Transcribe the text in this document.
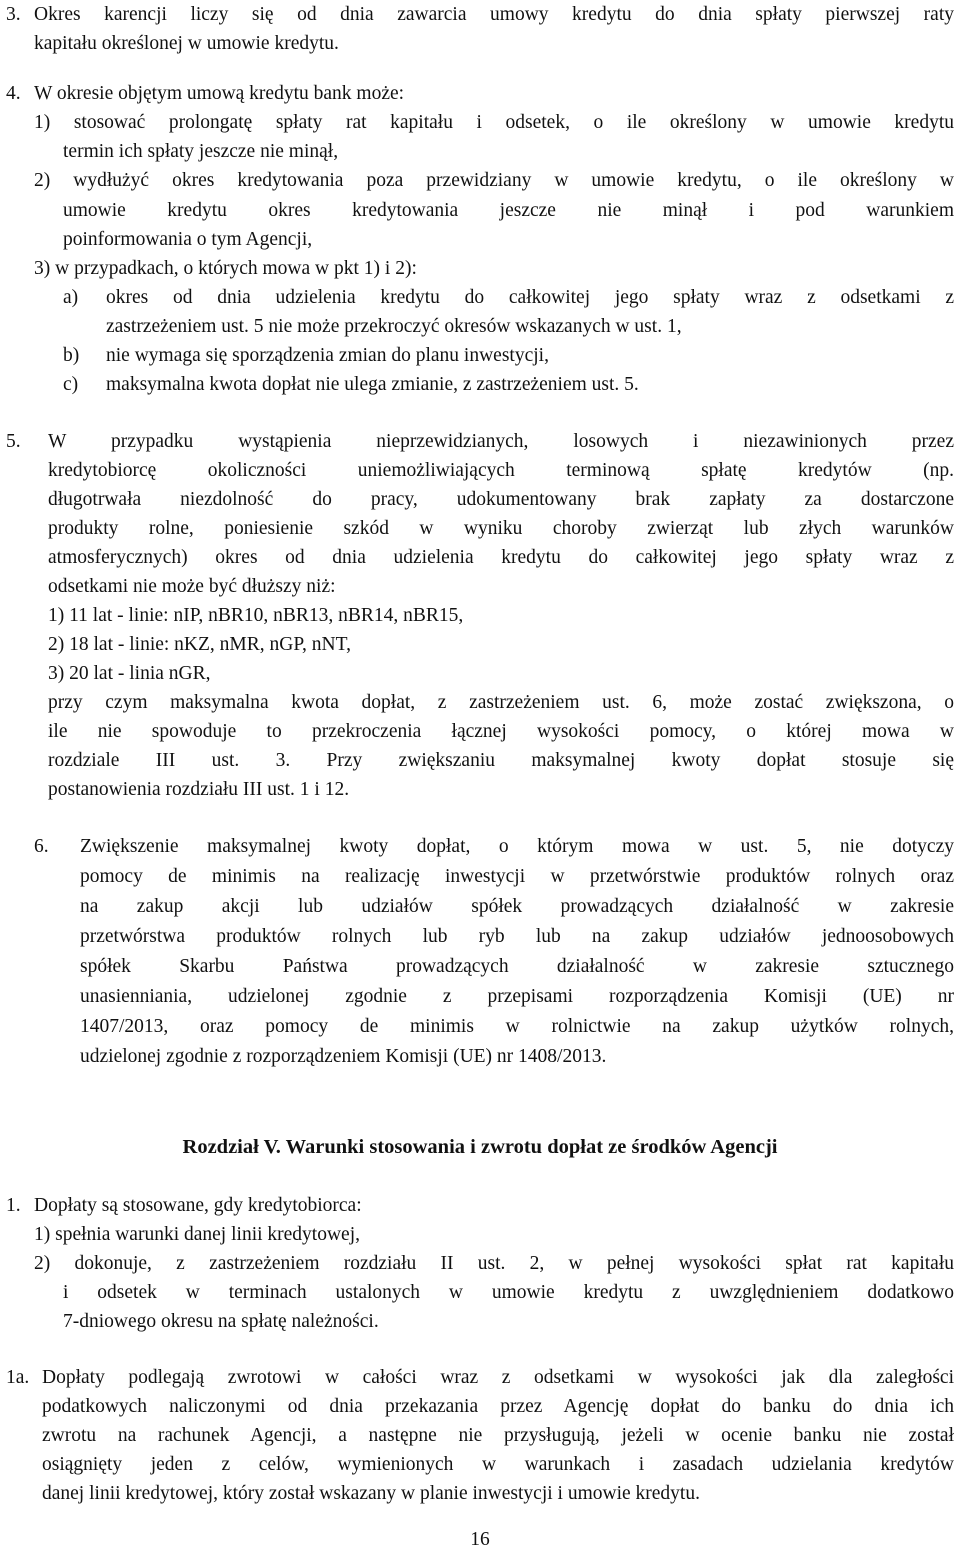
3. Okres karencji liczy się od dnia zawarcia umowy kredytu do dnia spłaty pierwszej raty
kapitału określonej w umowie kredytu.
4. W okresie objętym umową kredytu bank może:
1) stosować prolongatę spłaty rat kapitału i odsetek, o ile określony w umowie kredytu
termin ich spłaty jeszcze nie minął,
2) wydłużyć okres kredytowania poza przewidziany w umowie kredytu, o ile określony w
umowie kredytu okres kredytowania jeszcze nie minął i pod warunkiem
poinformowania o tym Agencji,
3) w przypadkach, o których mowa w pkt 1) i 2):
a) okres od dnia udzielenia kredytu do całkowitej jego spłaty wraz z odsetkami z
zastrzeżeniem ust. 5 nie może przekroczyć okresów wskazanych w ust. 1,
b) nie wymaga się sporządzenia zmian do planu inwestycji,
c) maksymalna kwota dopłat nie ulega zmianie, z zastrzeżeniem ust. 5.
5. W przypadku wystąpienia nieprzewidzianych, losowych i niezawinionych przez
kredytobiorcę okoliczności uniemożliwiających terminową spłatę kredytów (np.
długotrwała niezdolność do pracy, udokumentowany brak zapłaty za dostarczone
produkty rolne, poniesienie szkód w wyniku choroby zwierząt lub złych warunków
atmosferycznych) okres od dnia udzielenia kredytu do całkowitej jego spłaty wraz z
odsetkami nie może być dłuższy niż:
1) 11 lat - linie: nIP, nBR10, nBR13, nBR14, nBR15,
2) 18 lat - linie: nKZ, nMR, nGP, nNT,
3) 20 lat - linia nGR,
przy czym maksymalna kwota dopłat, z zastrzeżeniem ust. 6, może zostać zwiększona, o
ile nie spowoduje to przekroczenia łącznej wysokości pomocy, o której mowa w
rozdziale III ust. 3. Przy zwiększaniu maksymalnej kwoty dopłat stosuje się
postanowienia rozdziału III ust. 1 i 12.
6. Zwiększenie maksymalnej kwoty dopłat, o którym mowa w ust. 5, nie dotyczy
pomocy de minimis na realizację inwestycji w przetwórstwie produktów rolnych oraz
na zakup akcji lub udziałów spółek prowadzących działalność w zakresie
przetwórstwa produktów rolnych lub ryb lub na zakup udziałów jednoosobowych
spółek Skarbu Państwa prowadzących działalność w zakresie sztucznego
unasienniania, udzielonej zgodnie z przepisami rozporządzenia Komisji (UE) nr
1407/2013, oraz pomocy de minimis w rolnictwie na zakup użytków rolnych,
udzielonej zgodnie z rozporządzeniem Komisji (UE) nr 1408/2013.
Rozdział V. Warunki stosowania i zwrotu dopłat ze środków Agencji
1. Dopłaty są stosowane, gdy kredytobiorca:
1) spełnia warunki danej linii kredytowej,
2) dokonuje, z zastrzeżeniem rozdziału II ust. 2, w pełnej wysokości spłat rat kapitału
i odsetek w terminach ustalonych w umowie kredytu z uwzględnieniem dodatkowo
7-dniowego okresu na spłatę należności.
1a. Dopłaty podlegają zwrotowi w całości wraz z odsetkami w wysokości jak dla zaległości
podatkowych naliczonymi od dnia przekazania przez Agencję dopłat do banku do dnia ich
zwrotu na rachunek Agencji, a następne nie przysługują, jeżeli w ocenie banku nie został
osiągnięty jeden z celów, wymienionych w warunkach i zasadach udzielania kredytów
danej linii kredytowej, który został wskazany w planie inwestycji i umowie kredytu.
16
